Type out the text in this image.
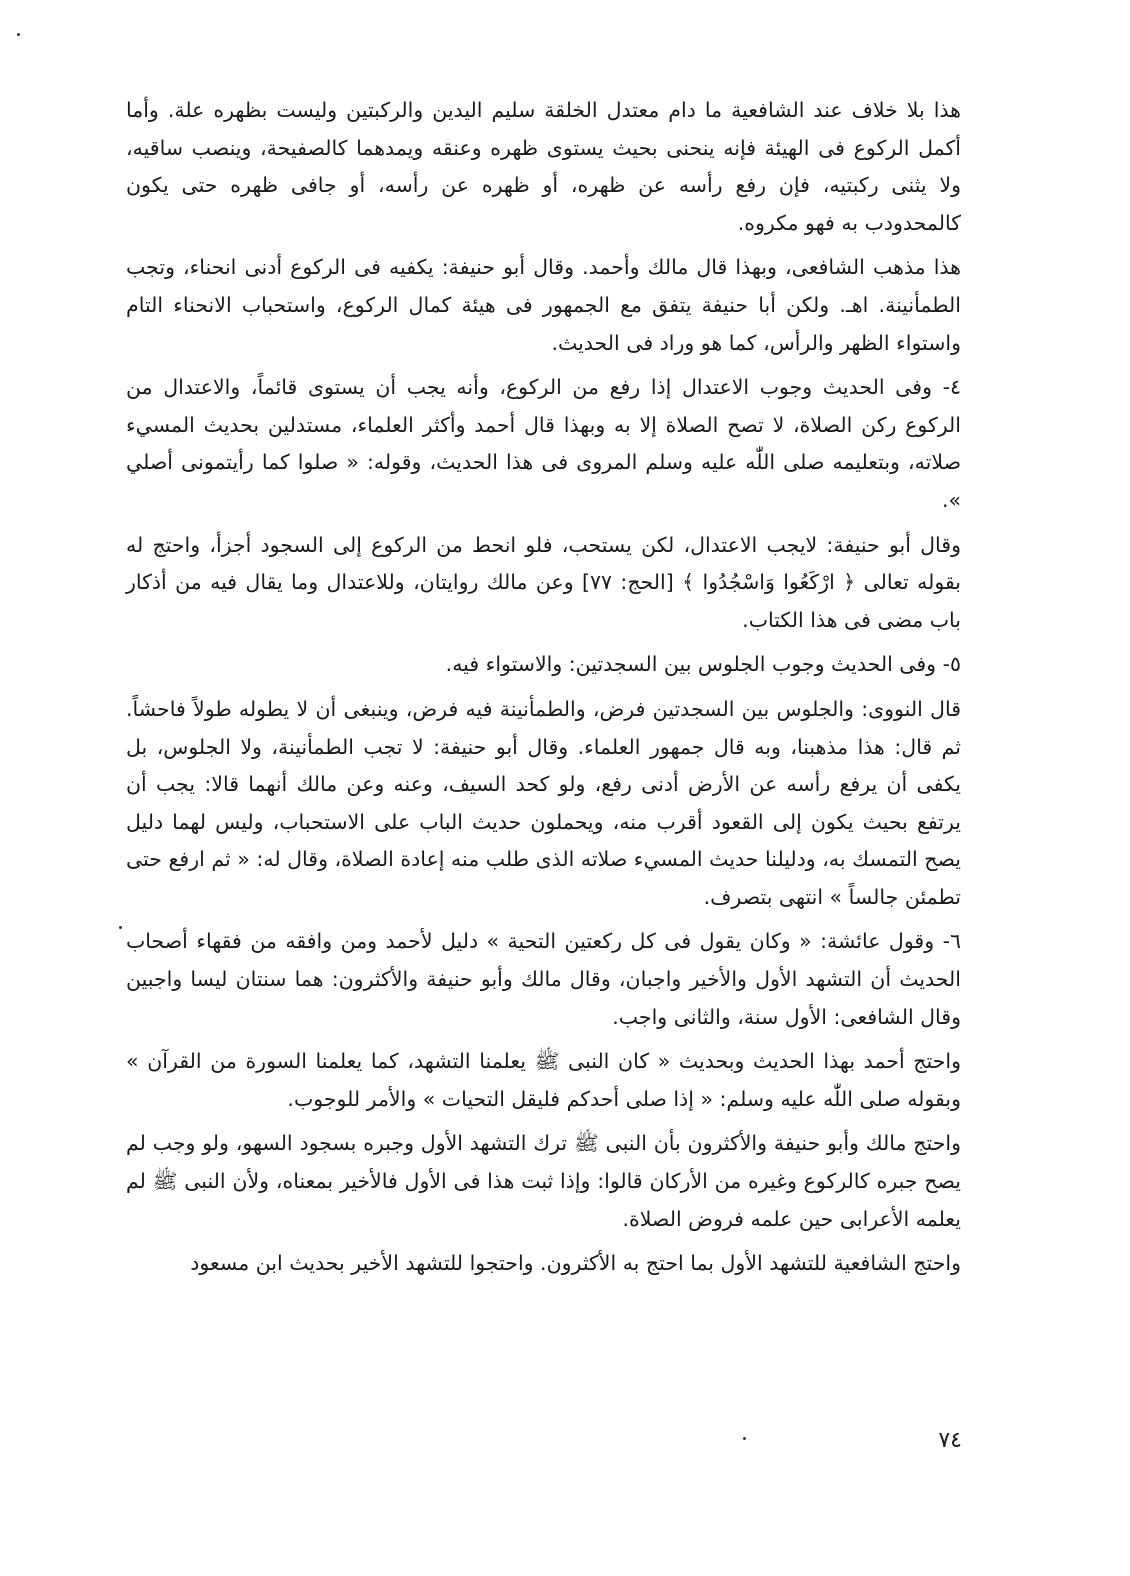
هذا بلا خلاف عند الشافعية ما دام معتدل الخلقة سليم اليدين والركبتين وليست بظهره علة. وأما أكمل الركوع فى الهيئة فإنه ينحنى بحيث يستوى ظهره وعنقه ويمدهما كالصفيحة، وينصب ساقيه، ولا يثنى ركبتيه، فإن رفع رأسه عن ظهره، أو ظهره عن رأسه، أو جافى ظهره حتى يكون كالمحدودب به فهو مكروه.

هذا مذهب الشافعى، وبهذا قال مالك وأحمد. وقال أبو حنيفة: يكفيه فى الركوع أدنى انحناء، وتجب الطمأنينة. اهـ. ولكن أبا حنيفة يتفق مع الجمهور فى هيئة كمال الركوع، واستحباب الانحناء التام واستواء الظهر والرأس، كما هو وراد فى الحديث.

٤- وفى الحديث وجوب الاعتدال إذا رفع من الركوع، وأنه يجب أن يستوى قائماً، والاعتدال من الركوع ركن الصلاة، لا تصح الصلاة إلا به وبهذا قال أحمد وأكثر العلماء، مستدلين بحديث المسيء صلاته، وبتعليمه صلى اللّٰه عليه وسلم المروى فى هذا الحديث، وقوله: « صلوا كما رأيتمونى أصلي ».

وقال أبو حنيفة: لايجب الاعتدال، لكن يستحب، فلو انحط من الركوع إلى السجود أجزأ، واحتج له بقوله تعالى ﴿ ارْكَعُوا وَاسْجُدُوا ﴾ [الحج: ٧٧] وعن مالك روايتان، وللاعتدال وما يقال فيه من أذكار باب مضى فى هذا الكتاب.

٥- وفى الحديث وجوب الجلوس بين السجدتين: والاستواء فيه.

قال النووى: والجلوس بين السجدتين فرض، والطمأنينة فيه فرض، وينبغى أن لا يطوله طولاً فاحشاً. ثم قال: هذا مذهبنا، وبه قال جمهور العلماء. وقال أبو حنيفة: لا تجب الطمأنينة، ولا الجلوس، بل يكفى أن يرفع رأسه عن الأرض أدنى رفع، ولو كحد السيف، وعنه وعن مالك أنهما قالا: يجب أن يرتفع بحيث يكون إلى القعود أقرب منه، ويحملون حديث الباب على الاستحباب، وليس لهما دليل يصح التمسك به، ودليلنا حديث المسيء صلاته الذى طلب منه إعادة الصلاة، وقال له: « ثم ارفع حتى تطمئن جالساً » انتهى بتصرف.

٦- وقول عائشة: « وكان يقول فى كل ركعتين التحية » دليل لأحمد ومن وافقه من فقهاء أصحاب الحديث أن التشهد الأول والأخير واجبان، وقال مالك وأبو حنيفة والأكثرون: هما سنتان ليسا واجبين وقال الشافعى: الأول سنة، والثانى واجب.

واحتج أحمد بهذا الحديث وبحديث « كان النبى ﷺ يعلمنا التشهد، كما يعلمنا السورة من القرآن » وبقوله صلى اللّٰه عليه وسلم: « إذا صلى أحدكم فليقل التحيات » والأمر للوجوب.

واحتج مالك وأبو حنيفة والأكثرون بأن النبى ﷺ ترك التشهد الأول وجبره بسجود السهو، ولو وجب لم يصح جبره كالركوع وغيره من الأركان قالوا: وإذا ثبت هذا فى الأول فالأخير بمعناه، ولأن النبى ﷺ لم يعلمه الأعرابى حين علمه فروض الصلاة.

واحتج الشافعية للتشهد الأول بما احتج به الأكثرون. واحتجوا للتشهد الأخير بحديث ابن مسعود

٧٤
